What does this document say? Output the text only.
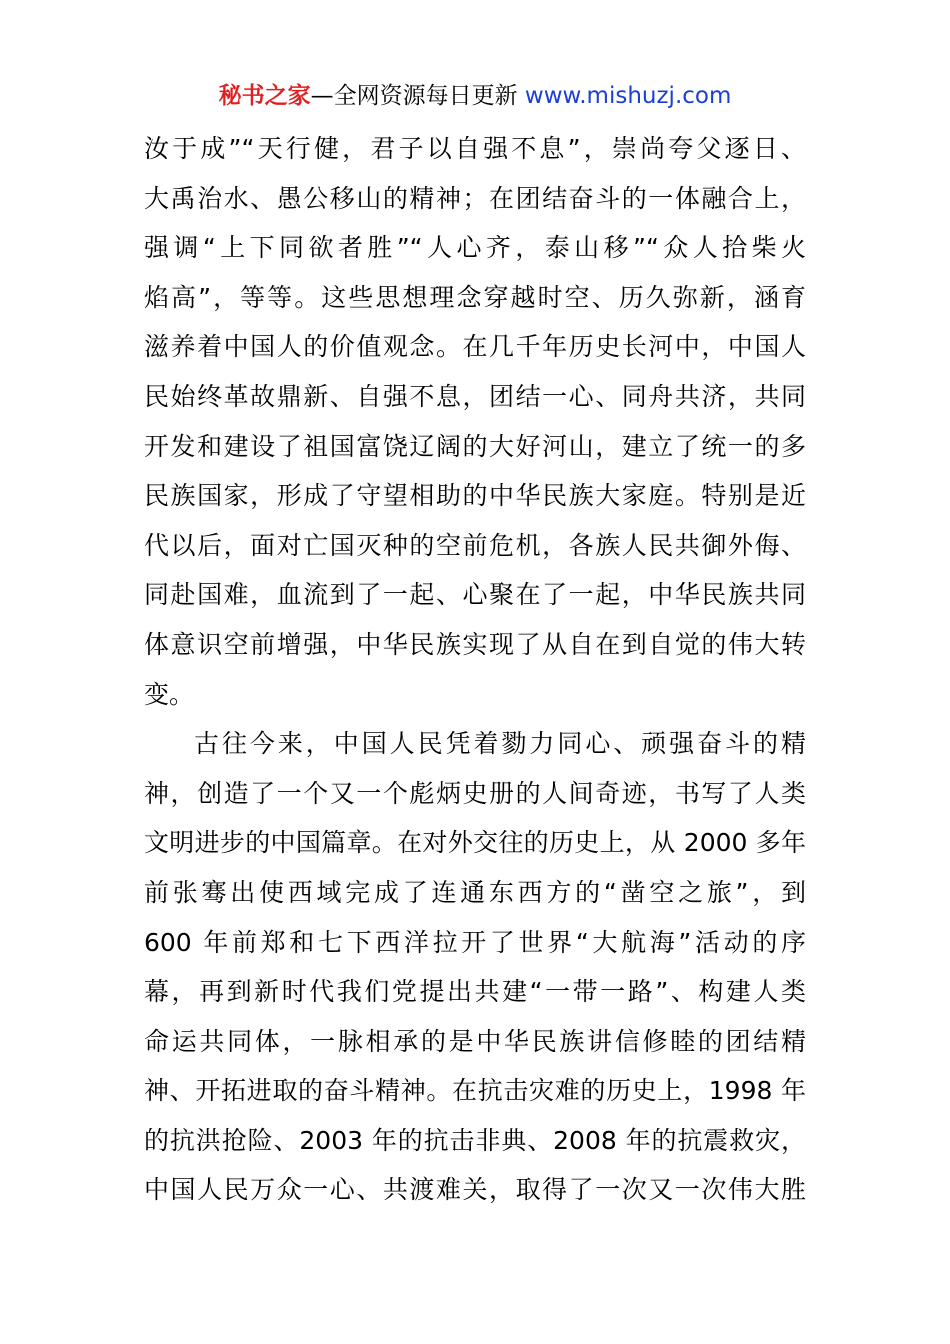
秘书之家—全网资源每日更新 www.mishuzj.com
汝于成”“天行健，君子以自强不息”，崇尚夸父逐日、
大禹治水、愚公移山的精神；在团结奋斗的一体融合上，
强调“上下同欲者胜”“人心齐，泰山移”“众人拾柴火
焰高”，等等。这些思想理念穿越时空、历久弥新，涵育
滋养着中国人的价值观念。在几千年历史长河中，中国人
民始终革故鼎新、自强不息，团结一心、同舟共济，共同
开发和建设了祖国富饶辽阔的大好河山，建立了统一的多
民族国家，形成了守望相助的中华民族大家庭。特别是近
代以后，面对亡国灭种的空前危机，各族人民共御外侮、
同赴国难，血流到了一起、心聚在了一起，中华民族共同
体意识空前增强，中华民族实现了从自在到自觉的伟大转
变。
古往今来，中国人民凭着勠力同心、顽强奋斗的精
神，创造了一个又一个彪炳史册的人间奇迹，书写了人类
文明进步的中国篇章。在对外交往的历史上，从 2000 多年
前张骞出使西域完成了连通东西方的“凿空之旅”，到
600 年前郑和七下西洋拉开了世界“大航海”活动的序
幕，再到新时代我们党提出共建“一带一路”、构建人类
命运共同体，一脉相承的是中华民族讲信修睦的团结精
神、开拓进取的奋斗精神。在抗击灾难的历史上，1998 年
的抗洪抢险、2003 年的抗击非典、2008 年的抗震救灾，
中国人民万众一心、共渡难关，取得了一次又一次伟大胜
